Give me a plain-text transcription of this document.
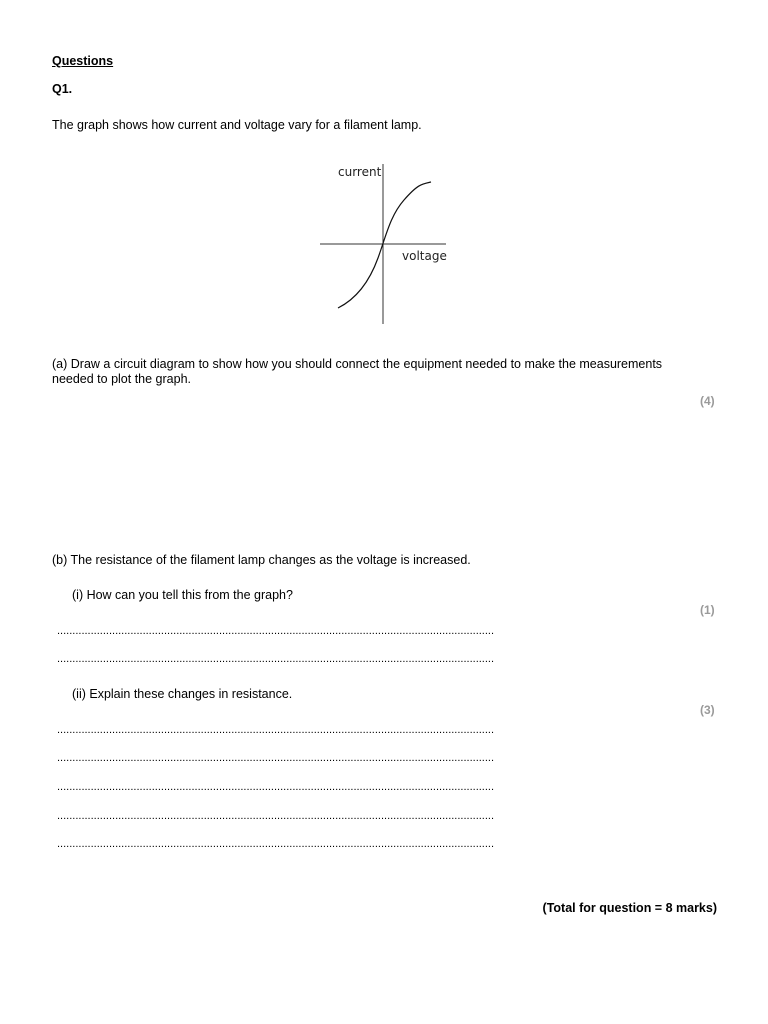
Questions
Q1.
The graph shows how current and voltage vary for a filament lamp.
current
voltage
(a) Draw a circuit diagram to show how you should connect the equipment needed to make the measurements
needed to plot the graph.
(4)
(b) The resistance of the filament lamp changes as the voltage is increased.
(i) How can you tell this from the graph?
(1)
...............................................................................................................................................
...............................................................................................................................................
(ii) Explain these changes in resistance.
(3)
...............................................................................................................................................
...............................................................................................................................................
...............................................................................................................................................
...............................................................................................................................................
...............................................................................................................................................
(Total for question = 8 marks)
